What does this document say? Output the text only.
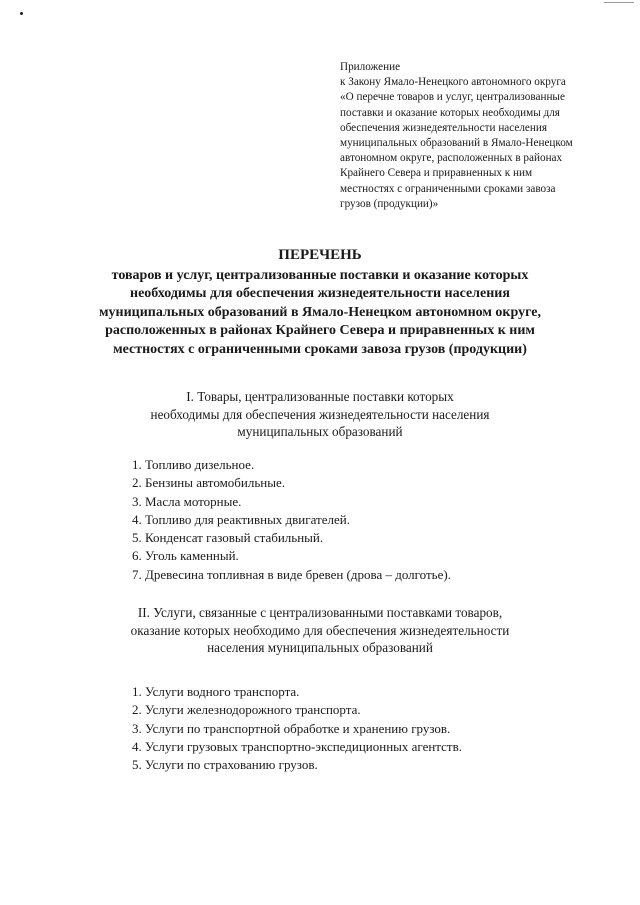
Приложение
к Закону Ямало-Ненецкого автономного округа
«О перечне товаров и услуг, централизованные
поставки и оказание которых необходимы для
обеспечения жизнедеятельности населения
муниципальных образований в Ямало-Ненецком
автономном округе, расположенных в районах
Крайнего Севера и приравненных к ним
местностях с ограниченными сроками завоза
грузов (продукции)»
ПЕРЕЧЕНЬ
товаров и услуг, централизованные поставки и оказание которых
необходимы для обеспечения жизнедеятельности населения
муниципальных образований в Ямало-Ненецком автономном округе,
расположенных в районах Крайнего Севера и приравненных к ним
местностях с ограниченными сроками завоза грузов (продукции)
I. Товары, централизованные поставки которых
необходимы для обеспечения жизнедеятельности населения
муниципальных образований
1. Топливо дизельное.
2. Бензины автомобильные.
3. Масла моторные.
4. Топливо для реактивных двигателей.
5. Конденсат газовый стабильный.
6. Уголь каменный.
7. Древесина топливная в виде бревен (дрова – долготье).
II. Услуги, связанные с централизованными поставками товаров,
оказание которых необходимо для обеспечения жизнедеятельности
населения муниципальных образований
1. Услуги водного транспорта.
2. Услуги железнодорожного транспорта.
3. Услуги по транспортной обработке и хранению грузов.
4. Услуги грузовых транспортно-экспедиционных агентств.
5. Услуги по страхованию грузов.
